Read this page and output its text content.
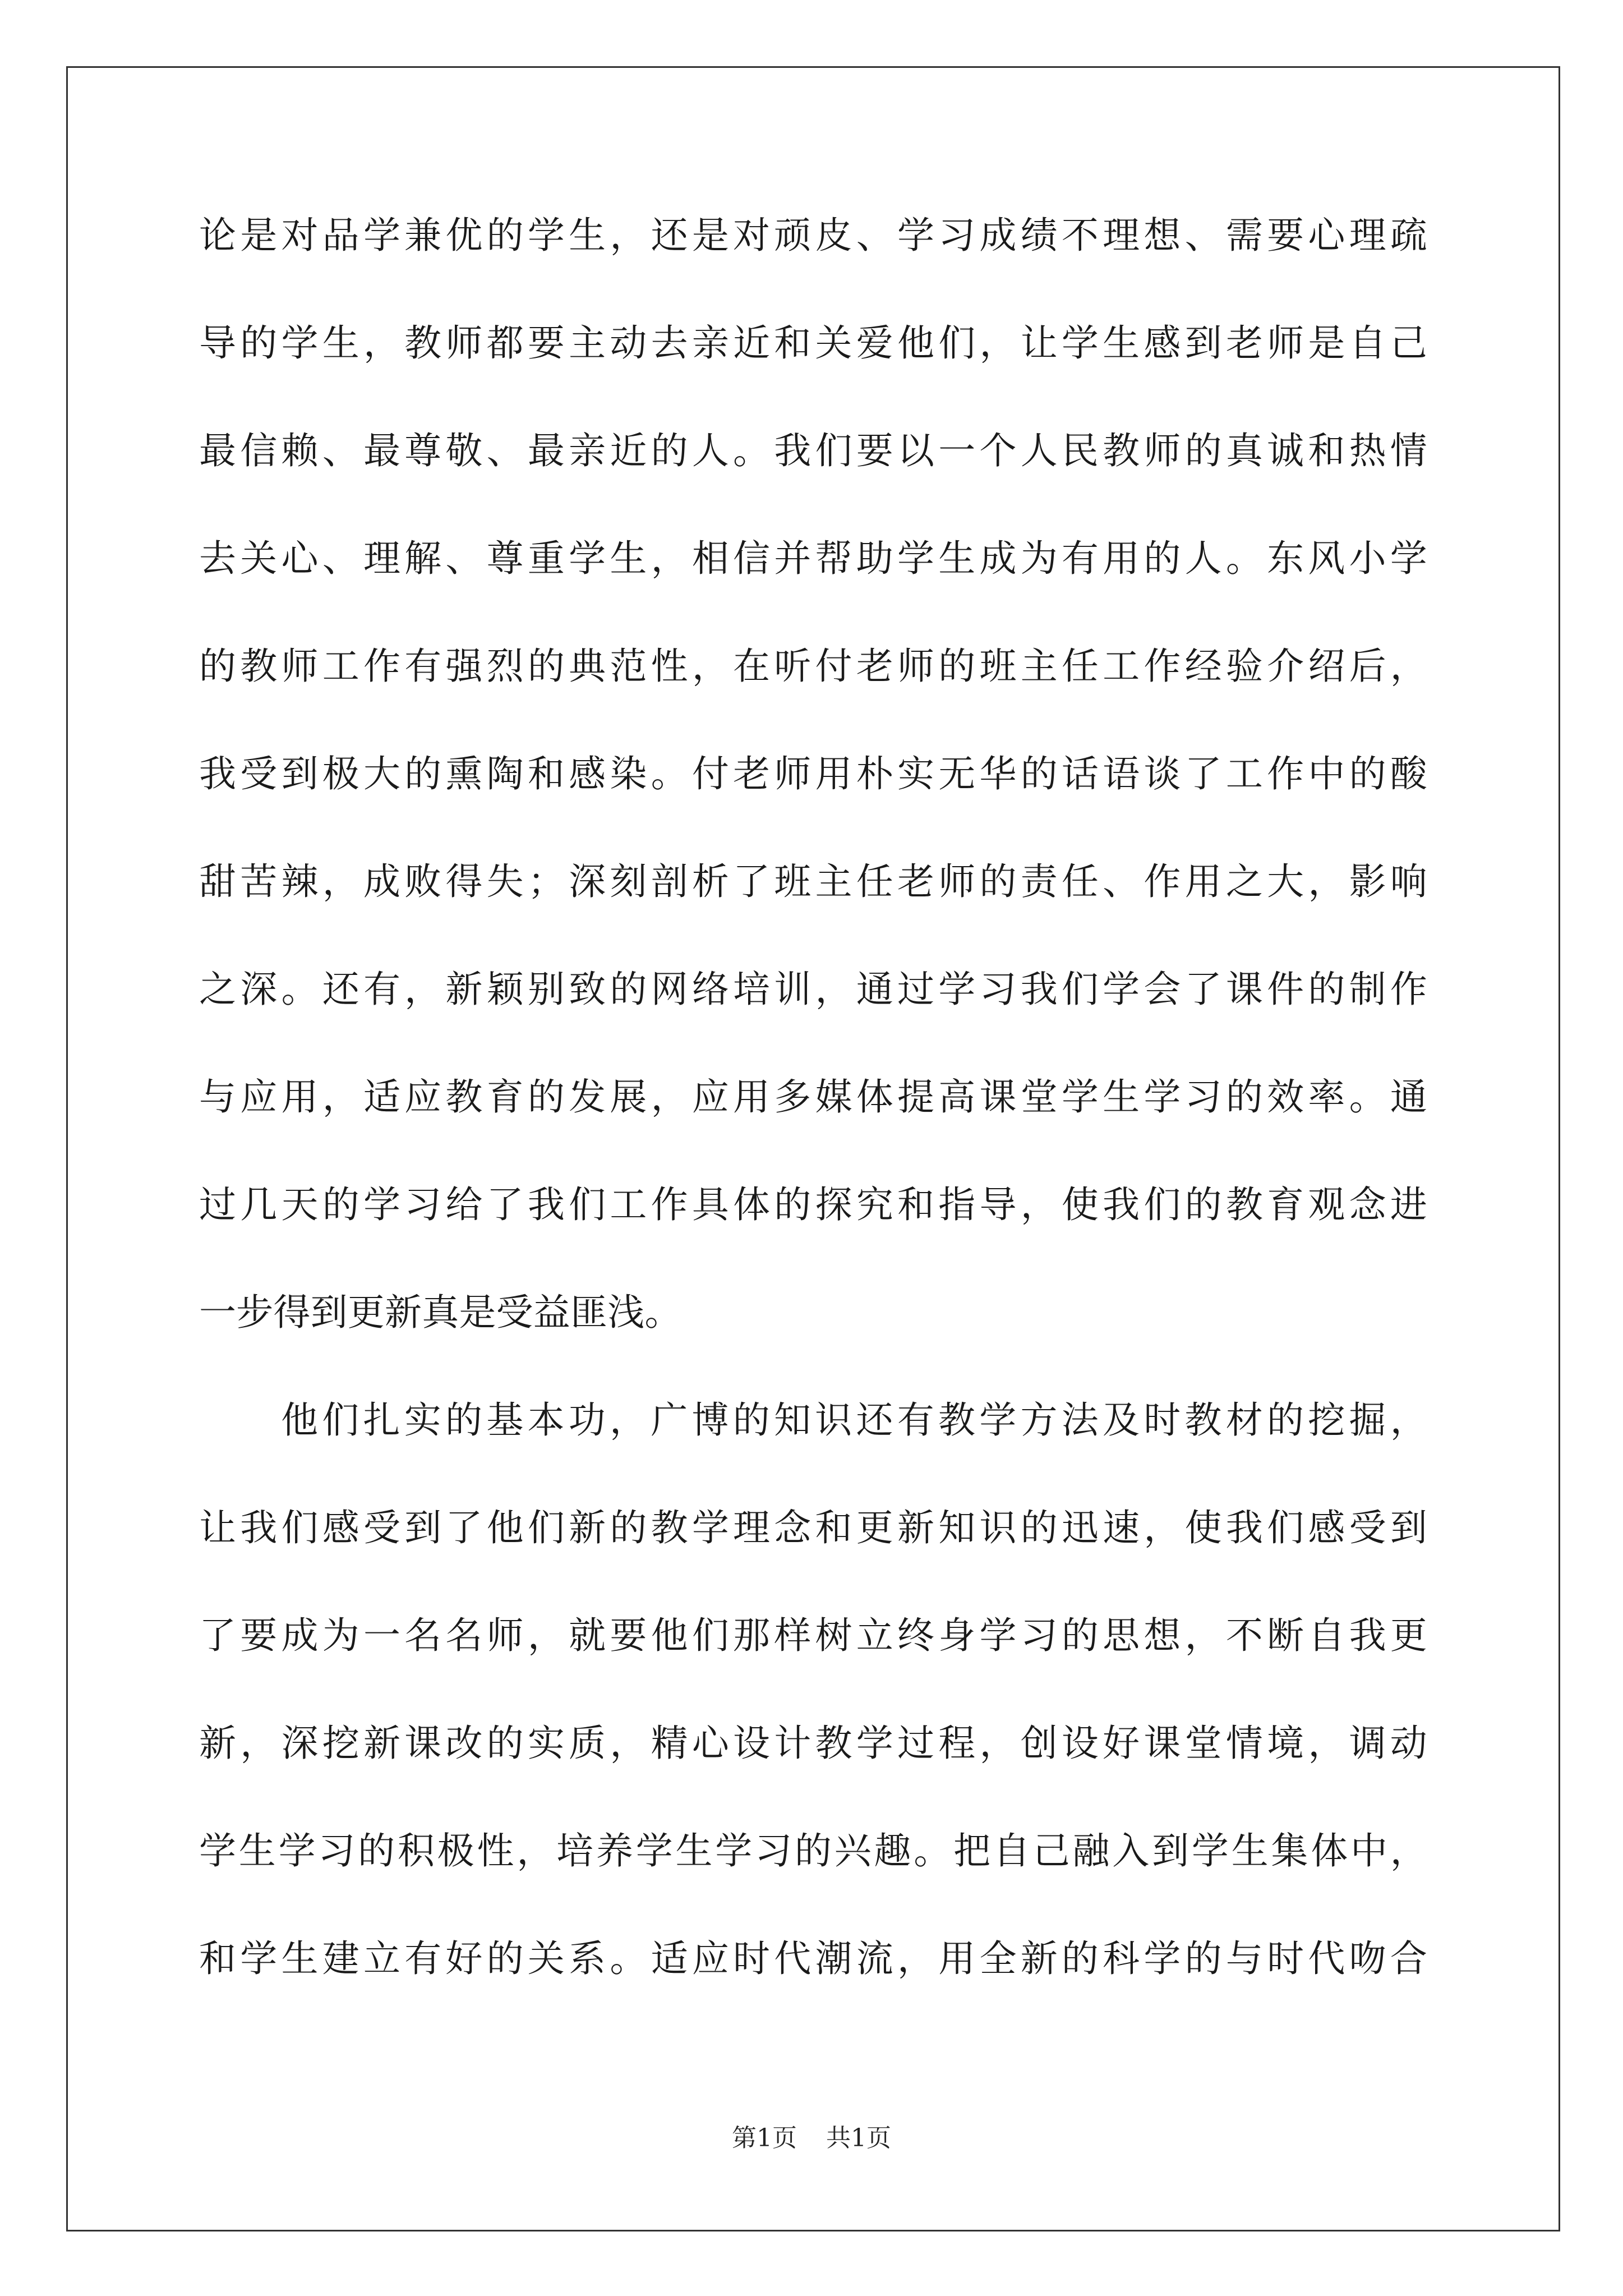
论是对品学兼优的学生，还是对顽皮、学习成绩不理想、需要心理疏
导的学生，教师都要主动去亲近和关爱他们，让学生感到老师是自己
最信赖、最尊敬、最亲近的人。我们要以一个人民教师的真诚和热情
去关心、理解、尊重学生，相信并帮助学生成为有用的人。东风小学
的教师工作有强烈的典范性，在听付老师的班主任工作经验介绍后，
我受到极大的熏陶和感染。付老师用朴实无华的话语谈了工作中的酸
甜苦辣，成败得失；深刻剖析了班主任老师的责任、作用之大，影响
之深。还有，新颖别致的网络培训，通过学习我们学会了课件的制作
与应用，适应教育的发展，应用多媒体提高课堂学生学习的效率。通
过几天的学习给了我们工作具体的探究和指导，使我们的教育观念进
一步得到更新真是受益匪浅。
他们扎实的基本功，广博的知识还有教学方法及时教材的挖掘，
让我们感受到了他们新的教学理念和更新知识的迅速，使我们感受到
了要成为一名名师，就要他们那样树立终身学习的思想，不断自我更
新，深挖新课改的实质，精心设计教学过程，创设好课堂情境，调动
学生学习的积极性，培养学生学习的兴趣。把自己融入到学生集体中，
和学生建立有好的关系。适应时代潮流，用全新的科学的与时代吻合
第1页 共1页
